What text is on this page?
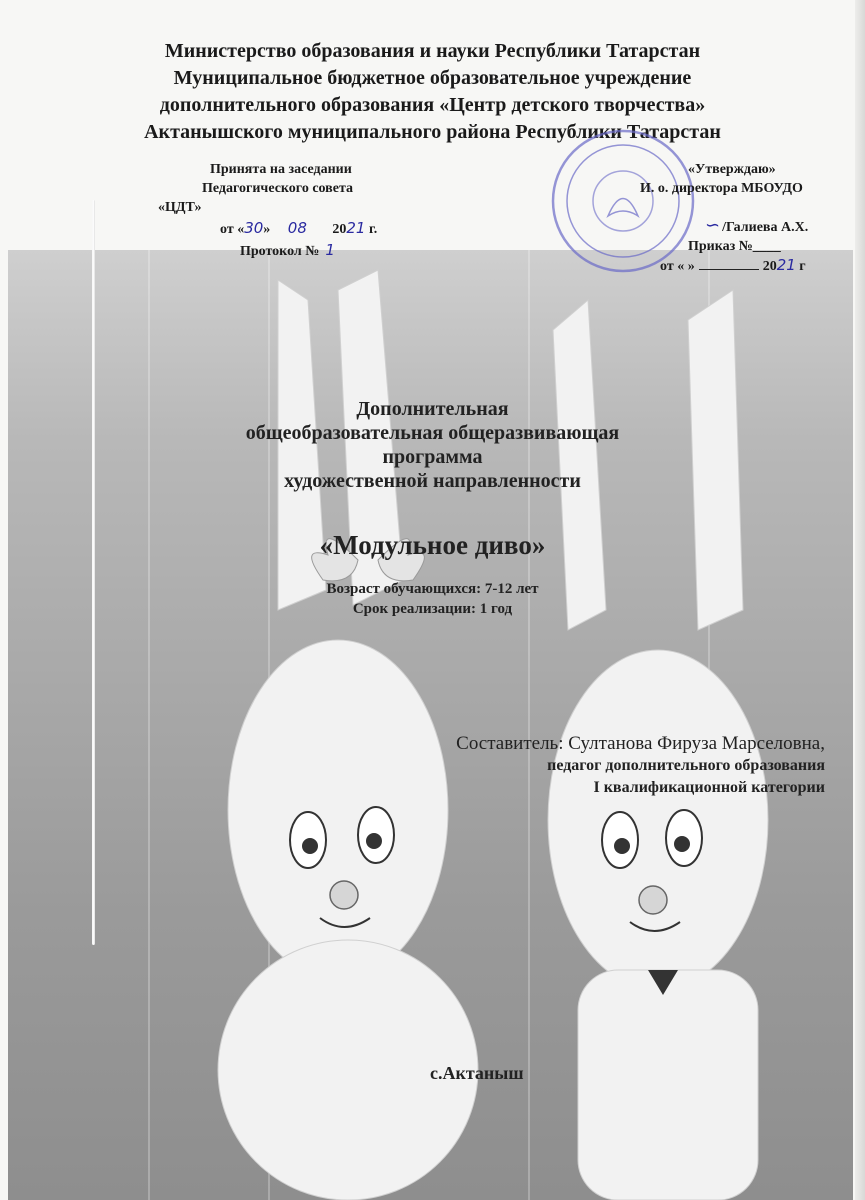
Министерство образования и науки Республики Татарстан
Муниципальное бюджетное образовательное учреждение
дополнительного образования «Центр детского творчества»
Актанышского муниципального района Республики Татарстан
Принята на заседании
Педагогического совета
«ЦДТ»
от «30» 08 2021 г.
Протокол № 1
«Утверждаю»
И. о. директора МБОУДО
∽ /Галиева А.Х.
Приказ №____
от « »	2021 г
Дополнительная
общеобразовательная общеразвивающая
программа
художественной направленности
«Модульное диво»
Возраст обучающихся: 7-12 лет
Срок реализации: 1 год
Составитель: Султанова Фируза Марселовна,
педагог дополнительного образования
I квалификационной категории
с.Актаныш
